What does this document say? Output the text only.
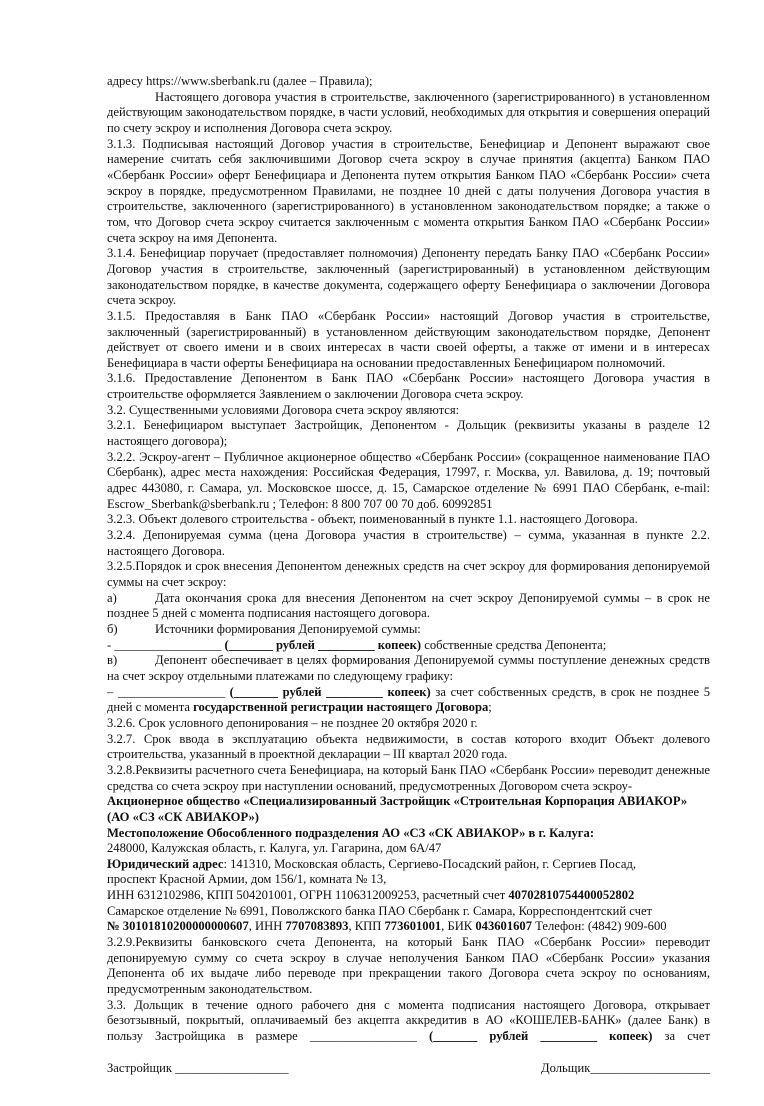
адресу https://www.sberbank.ru (далее – Правила);
Настоящего договора участия в строительстве, заключенного (зарегистрированного) в установленном действующим законодательством порядке, в части условий, необходимых для открытия и совершения операций по счету эскроу и исполнения Договора счета эскроу.
3.1.3. Подписывая настоящий Договор участия в строительстве, Бенефициар и Депонент выражают свое намерение считать себя заключившими Договор счета эскроу в случае принятия (акцепта) Банком ПАО «Сбербанк России» оферт Бенефициара и Депонента путем открытия Банком ПАО «Сбербанк России» счета эскроу в порядке, предусмотренном Правилами, не позднее 10 дней с даты получения Договора участия в строительстве, заключенного (зарегистрированного) в установленном законодательством порядке; а также о том, что Договор счета эскроу считается заключенным с момента открытия Банком ПАО «Сбербанк России» счета эскроу на имя Депонента.
3.1.4. Бенефициар поручает (предоставляет полномочия) Депоненту передать Банку ПАО «Сбербанк России» Договор участия в строительстве, заключенный (зарегистрированный) в установленном действующим законодательством порядке, в качестве документа, содержащего оферту Бенефициара о заключении Договора счета эскроу.
3.1.5. Предоставляя в Банк ПАО «Сбербанк России» настоящий Договор участия в строительстве, заключенный (зарегистрированный) в установленном действующим законодательством порядке, Депонент действует от своего имени и в своих интересах в части своей оферты, а также от имени и в интересах Бенефициара в части оферты Бенефициара на основании предоставленных Бенефициаром полномочий.
3.1.6. Предоставление Депонентом в Банк ПАО «Сбербанк России» настоящего Договора участия в строительстве оформляется Заявлением о заключении Договора счета эскроу.
3.2. Существенными условиями Договора счета эскроу являются:
3.2.1. Бенефициаром выступает Застройщик, Депонентом - Дольщик (реквизиты указаны в разделе 12 настоящего договора);
3.2.2. Эскроу-агент – Публичное акционерное общество «Сбербанк России» (сокращенное наименование ПАО Сбербанк), адрес места нахождения: Российская Федерация, 17997, г. Москва, ул. Вавилова, д. 19; почтовый адрес 443080, г. Самара, ул. Московское шоссе, д. 15, Самарское отделение № 6991 ПАО Сбербанк, e-mail: Escrow_Sberbank@sberbank.ru ; Телефон: 8 800 707 00 70 доб. 60992851
3.2.3. Объект долевого строительства - объект, поименованный в пункте 1.1. настоящего Договора.
3.2.4. Депонируемая сумма (цена Договора участия в строительстве) – сумма, указанная в пункте 2.2. настоящего Договора.
3.2.5.Порядок и срок внесения Депонентом денежных средств на счет эскроу для формирования депонируемой суммы на счет эскроу:
а)	Дата окончания срока для внесения Депонентом на счет эскроу Депонируемой суммы – в срок не позднее 5 дней с момента подписания настоящего договора.
б)	Источники формирования Депонируемой суммы:
- _________________ (_______ рублей _________ копеек) собственные средства Депонента;
в)	Депонент обеспечивает в целях формирования Депонируемой суммы поступление денежных средств на счет эскроу отдельными платежами по следующему графику:
– _________________ (_______ рублей _________ копеек) за счет собственных средств, в срок не позднее 5 дней с момента государственной регистрации настоящего Договора;
3.2.6. Срок условного депонирования – не позднее 20 октября 2020 г.
3.2.7. Срок ввода в эксплуатацию объекта недвижимости, в состав которого входит Объект долевого строительства, указанный в проектной декларации – III квартал 2020 года.
3.2.8.Реквизиты расчетного счета Бенефициара, на который Банк ПАО «Сбербанк России» переводит денежные средства со счета эскроу при наступлении оснований, предусмотренных Договором счета эскроу-
Акционерное общество «Специализированный Застройщик «Строительная Корпорация АВИАКОР» (АО «СЗ «СК АВИАКОР»)
Местоположение Обособленного подразделения АО «СЗ «СК АВИАКОР» в г. Калуга:
248000, Калужская область, г. Калуга, ул. Гагарина, дом 6А/47
Юридический адрес: 141310, Московская область, Сергиево-Посадский район, г. Сергиев Посад,
проспект Красной Армии, дом 156/1, комната № 13,
ИНН 6312102986, КПП 504201001, ОГРН 1106312009253, расчетный счет 40702810754400052802
Самарское отделение № 6991, Поволжского банка ПАО Сбербанк г. Самара, Корреспондентский счет
№ 30101810200000000607, ИНН 7707083893, КПП 773601001, БИК 043601607 Телефон: (4842) 909-600
3.2.9.Реквизиты банковского счета Депонента, на который Банк ПАО «Сбербанк России» переводит депонируемую сумму со счета эскроу в случае неполучения Банком ПАО «Сбербанк России» указания Депонента об их выдаче либо переводе при прекращении такого Договора счета эскроу по основаниям, предусмотренным законодательством.
3.3. Дольщик в течение одного рабочего дня с момента подписания настоящего Договора, открывает безотзывный, покрытый, оплачиваемый без акцепта аккредитив в АО «КОШЕЛЕВ-БАНК» (далее Банк) в пользу Застройщика в размере _________________ (_______ рублей _________ копеек) за счет
Застройщик __________________	Дольщик___________________
